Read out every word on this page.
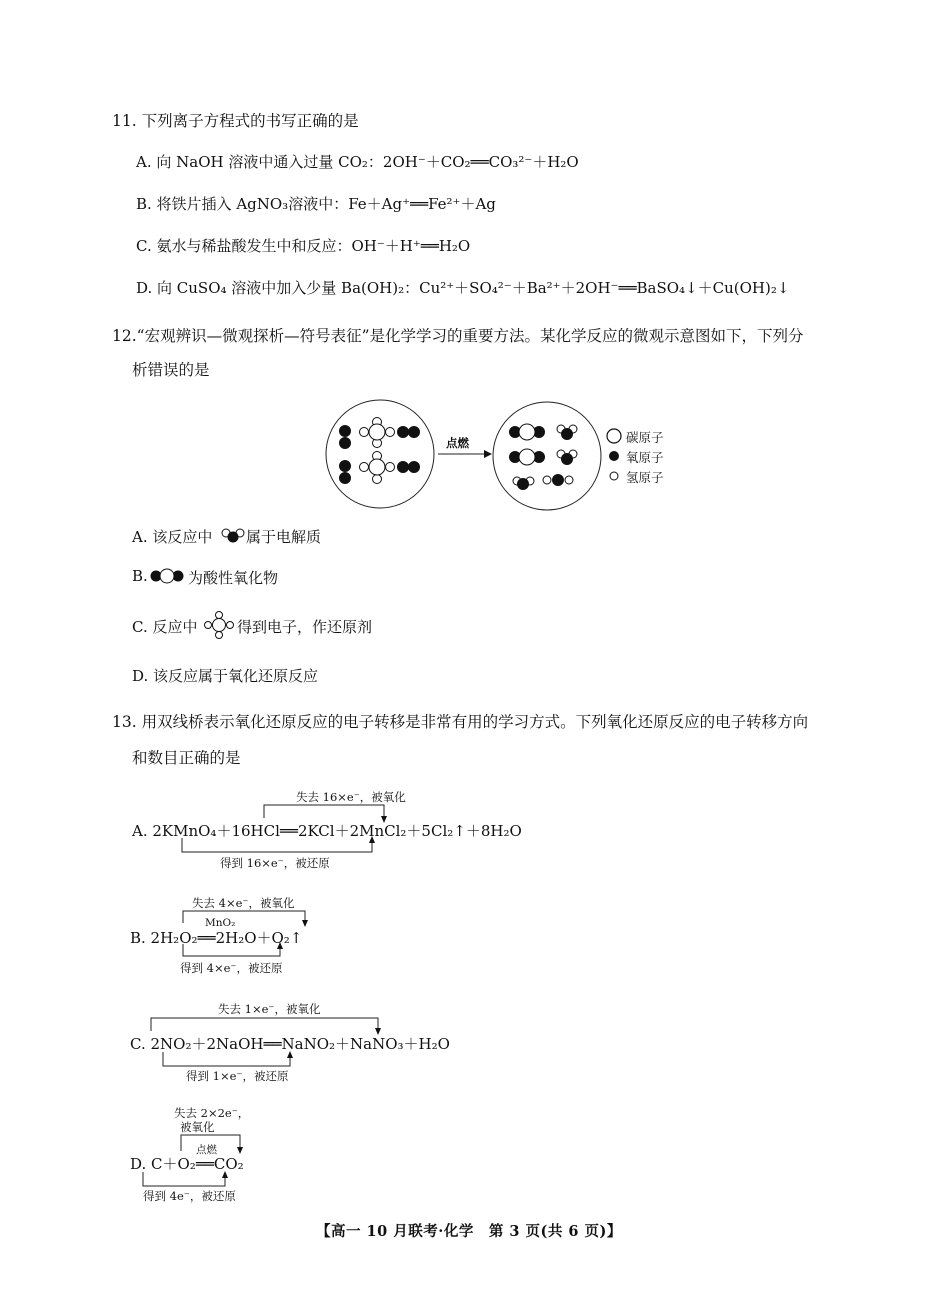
11. 下列离子方程式的书写正确的是
A. 向 NaOH 溶液中通入过量 CO₂：2OH⁻＋CO₂══CO₃²⁻＋H₂O
B. 将铁片插入 AgNO₃溶液中：Fe＋Ag⁺══Fe²⁺＋Ag
C. 氨水与稀盐酸发生中和反应：OH⁻＋H⁺══H₂O
D. 向 CuSO₄ 溶液中加入少量 Ba(OH)₂：Cu²⁺＋SO₄²⁻＋Ba²⁺＋2OH⁻══BaSO₄↓＋Cu(OH)₂↓
12.“宏观辨识—微观探析—符号表征”是化学学习的重要方法。某化学反应的微观示意图如下，下列分
析错误的是
点燃	碳原子
氧原子
氢原子
A. 该反应中 属于电解质
B.	为酸性氧化物
C. 反应中	得到电子，作还原剂
D. 该反应属于氧化还原反应
13. 用双线桥表示氧化还原反应的电子转移是非常有用的学习方式。下列氧化还原反应的电子转移方向
和数目正确的是
失去 16×e⁻，被氧化
A. 2KMnO₄＋16HCl══2KCl＋2MnCl₂＋5Cl₂↑＋8H₂O
得到 16×e⁻，被还原
失去 4×e⁻，被氧化
MnO₂
B. 2H₂O₂══2H₂O＋O₂↑
得到 4×e⁻，被还原
失去 1×e⁻，被氧化
C. 2NO₂＋2NaOH══NaNO₂＋NaNO₃＋H₂O
得到 1×e⁻，被还原
失去 2×2e⁻，
被氧化
点燃
D. C＋O₂══CO₂
得到 4e⁻，被还原
【高一 10 月联考·化学　第 3 页(共 6 页)】
